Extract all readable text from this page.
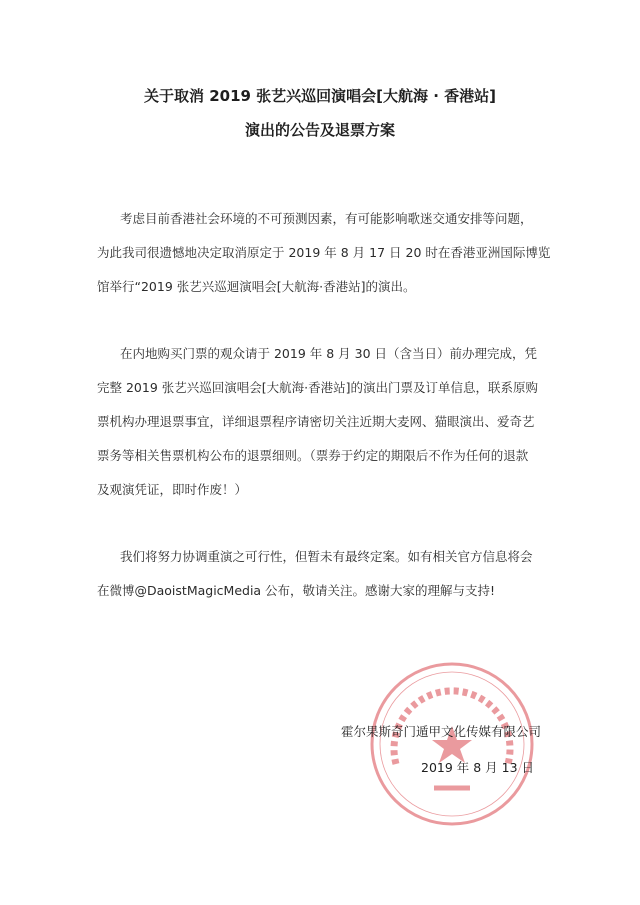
关于取消 2019 张艺兴巡回演唱会[大航海 · 香港站]
演出的公告及退票方案
考虑目前香港社会环境的不可预测因素，有可能影响歌迷交通安排等问题，
为此我司很遗憾地决定取消原定于 2019 年 8 月 17 日 20 时在香港亚洲国际博览
馆举行“2019 张艺兴巡迴演唱会[大航海·香港站]的演出。
在内地购买门票的观众请于 2019 年 8 月 30 日（含当日）前办理完成，凭
完整 2019 张艺兴巡回演唱会[大航海·香港站]的演出门票及订单信息，联系原购
票机构办理退票事宜，详细退票程序请密切关注近期大麦网、猫眼演出、爱奇艺
票务等相关售票机构公布的退票细则。（票券于约定的期限后不作为任何的退款
及观演凭证，即时作废！）
我们将努力协调重演之可行性，但暂未有最终定案。如有相关官方信息将会
在微博@DaoistMagicMedia 公布，敬请关注。感谢大家的理解与支持!
霍尔果斯奇门遁甲文化传媒有限公司
2019 年 8 月 13 日
